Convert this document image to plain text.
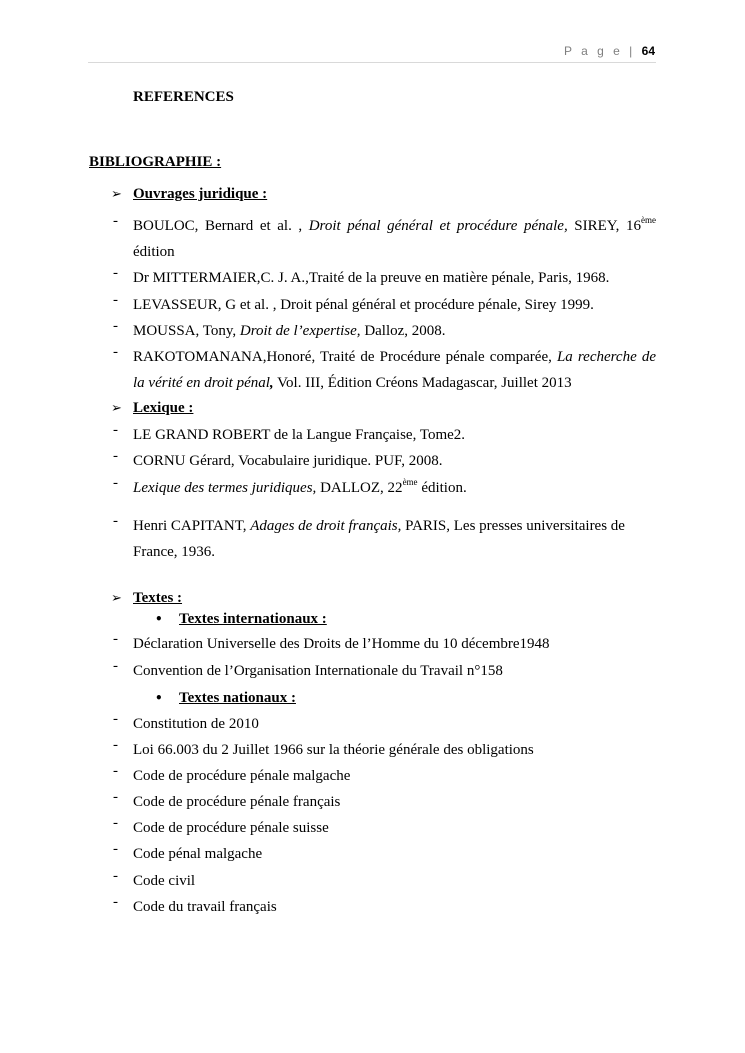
P a g e | 64
REFERENCES
BIBLIOGRAPHIE :
➢ Ouvrages juridique :
- BOULOC, Bernard et al. , Droit pénal général et procédure pénale, SIREY, 16ème
édition
- Dr MITTERMAIER,C. J. A.,Traité de la preuve en matière pénale, Paris, 1968.
- LEVASSEUR, G et al. , Droit pénal général et procédure pénale, Sirey 1999.
- MOUSSA, Tony, Droit de l’expertise, Dalloz, 2008.
- RAKOTOMANANA,Honoré, Traité de Procédure pénale comparée, La recherche de
la vérité en droit pénal, Vol. III, Édition Créons Madagascar, Juillet 2013
➢ Lexique :
- LE GRAND ROBERT de la Langue Française, Tome2.
- CORNU Gérard, Vocabulaire juridique. PUF, 2008.
- Lexique des termes juridiques, DALLOZ, 22ème édition.
- Henri CAPITANT, Adages de droit français, PARIS, Les presses universitaires de
France, 1936.
➢ Textes :
• Textes internationaux :
- Déclaration Universelle des Droits de l’Homme du 10 décembre1948
- Convention de l’Organisation Internationale du Travail n°158
• Textes nationaux :
- Constitution de 2010
- Loi 66.003 du 2 Juillet 1966 sur la théorie générale des obligations
- Code de procédure pénale malgache
- Code de procédure pénale français
- Code de procédure pénale suisse
- Code pénal malgache
- Code civil
- Code du travail français
